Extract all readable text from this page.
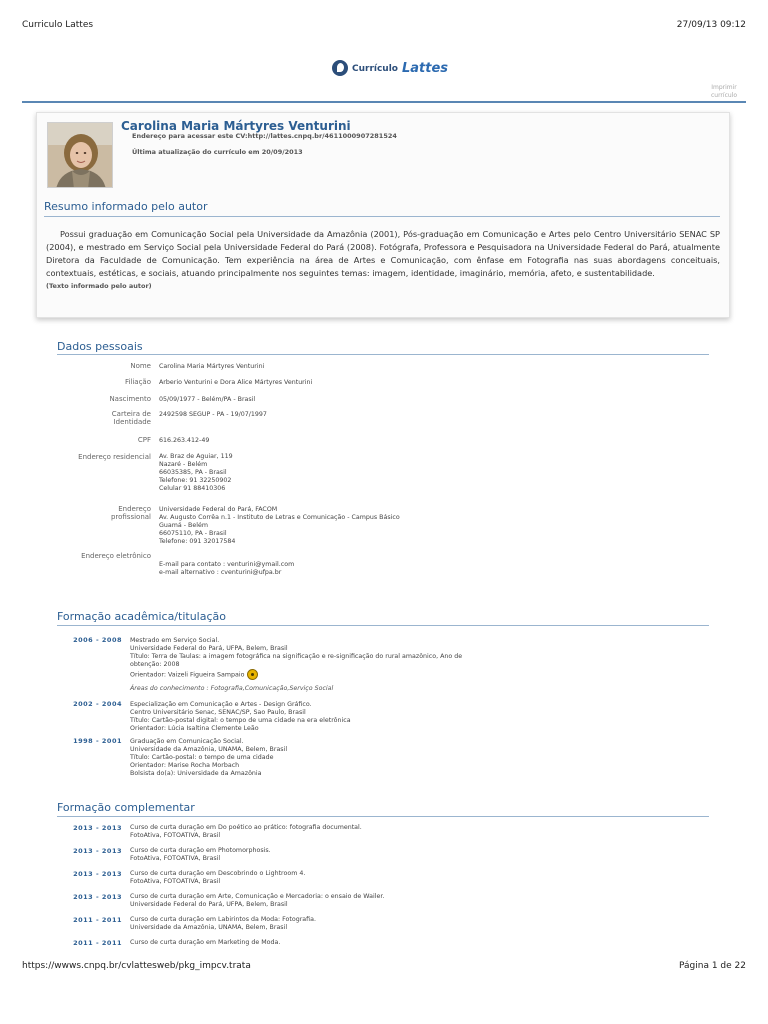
Curriculo Lattes	27/09/13 09:12
Currículo Lattes
Imprimir
currículo
Carolina Maria Mártyres Venturini
Endereço para acessar este CV:http://lattes.cnpq.br/4611000907281524
Última atualização do currículo em 20/09/2013
Resumo informado pelo autor
Possui graduação em Comunicação Social pela Universidade da Amazônia (2001), Pós-graduação em Comunicação e Artes pelo Centro Universitário SENAC SP (2004), e mestrado em Serviço Social pela Universidade Federal do Pará (2008). Fotógrafa, Professora e Pesquisadora na Universidade Federal do Pará, atualmente Diretora da Faculdade de Comunicação. Tem experiência na área de Artes e Comunicação, com ênfase em Fotografia nas suas abordagens conceituais, contextuais, estéticas, e sociais, atuando principalmente nos seguintes temas: imagem, identidade, imaginário, memória, afeto, e sustentabilidade.
(Texto informado pelo autor)
Dados pessoais
Nome Carolina Maria Mártyres Venturini
Filiação Arberio Venturini e Dora Alice Mártyres Venturini
Nascimento 05/09/1977 - Belém/PA - Brasil
Carteira de Identidade
2492598 SEGUP - PA - 19/07/1997
CPF 616.263.412-49
Endereço residencial Av. Braz de Aguiar, 119
Nazaré - Belém
66035385, PA - Brasil
Telefone: 91 32250902
Celular 91 88410306
Endereço profissional
Universidade Federal do Pará, FACOM
Av. Augusto Corrêa n.1 - Instituto de Letras e Comunicação - Campus Básico
Guamá - Belém
66075110, PA - Brasil
Telefone: 091 32017584
Endereço eletrônico
E-mail para contato : venturini@ymail.com
e-mail alternativo : cventurini@ufpa.br
Formação acadêmica/titulação
2006 - 2008 Mestrado em Serviço Social.
Universidade Federal do Pará, UFPA, Belem, Brasil
Título: Terra de Taulas: a imagem fotográfica na significação e re-significação do rural amazônico, Ano de
obtenção: 2008
Orientador: Vaizeli Figueira Sampaio
Áreas do conhecimento : Fotografia,Comunicação,Serviço Social
2002 - 2004 Especialização em Comunicação e Artes - Design Gráfico.
Centro Universitário Senac, SENAC/SP, Sao Paulo, Brasil
Título: Cartão-postal digital: o tempo de uma cidade na era eletrônica
Orientador: Lúcia Isaltina Clemente Leão
1998 - 2001 Graduação em Comunicação Social.
Universidade da Amazônia, UNAMA, Belem, Brasil
Título: Cartão-postal: o tempo de uma cidade
Orientador: Marise Rocha Morbach
Bolsista do(a): Universidade da Amazônia
Formação complementar
2013 - 2013 Curso de curta duração em Do poético ao prático: fotografia documental.
FotoAtiva, FOTOATIVA, Brasil
2013 - 2013 Curso de curta duração em Photomorphosis.
FotoAtiva, FOTOATIVA, Brasil
2013 - 2013 Curso de curta duração em Descobrindo o Lightroom 4.
FotoAtiva, FOTOATIVA, Brasil
2013 - 2013 Curso de curta duração em Arte, Comunicação e Mercadoria: o ensaio de Wailer.
Universidade Federal do Pará, UFPA, Belem, Brasil
2011 - 2011 Curso de curta duração em Labirintos da Moda: Fotografia.
Universidade da Amazônia, UNAMA, Belem, Brasil
2011 - 2011 Curso de curta duração em Marketing de Moda.
https://wwws.cnpq.br/cvlattesweb/pkg_impcv.trata	Página 1 de 22
